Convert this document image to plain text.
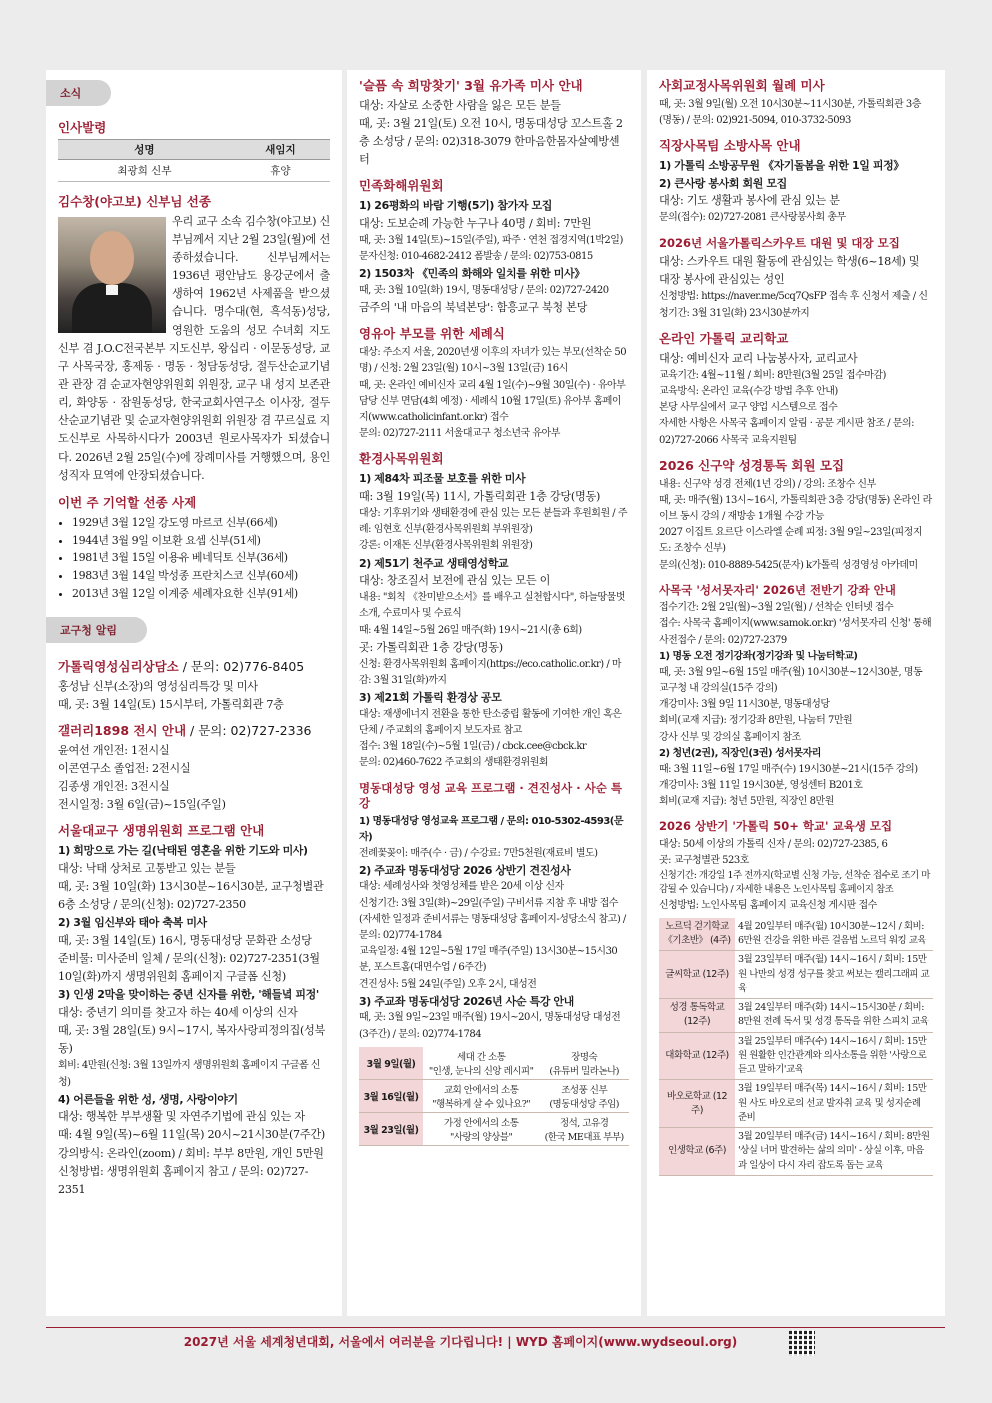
소식
인사발령
성명	새임지
최광희 신부	휴양
김수창(야고보) 신부님 선종

우리 교구 소속 김수창(야고보) 신부님께서 지난 2월 23일(월)에 선종하셨습니다. 신부님께서는 1936년 평안남도 용강군에서 출생하여 1962년 사제품을 받으셨습니다. 명수대(현, 흑석동)성당, 영원한 도움의 성모 수녀회 지도신부 겸 J.O.C전국본부 지도신부, 왕십리 · 이문동성당, 교구 사목국장, 홍제동 · 명동 · 청담동성당, 절두산순교기념관 관장 겸 순교자현양위원회 위원장, 교구 내 성지 보존관리, 화양동 · 잠원동성당, 한국교회사연구소 이사장, 절두산순교기념관 및 순교자현양위원회 위원장 겸 꾸르실료 지도신부로 사목하시다가 2003년 원로사목자가 되셨습니다. 2026년 2월 25일(수)에 장례미사를 거행했으며, 용인 성직자 묘역에 안장되셨습니다.

이번 주 기억할 선종 사제
• 1929년 3월 12일 강도영 마르코 신부(66세)
• 1944년 3월 9일 이보환 요셉 신부(51세)
• 1981년 3월 15일 이용유 베네딕토 신부(36세)
• 1983년 3월 14일 박성종 프란치스코 신부(60세)
• 2013년 3월 12일 이계중 세례자요한 신부(91세)
교구청 알림
가톨릭영성심리상담소 / 문의: 02)776-8405

홍성남 신부(소장)의 영성심리특강 및 미사

때, 곳: 3월 14일(토) 15시부터, 가톨릭회관 7층

갤러리1898 전시 안내 / 문의: 02)727-2336

윤여선 개인전: 1전시실

이콘연구소 졸업전: 2전시실

김종생 개인전: 3전시실

전시일정: 3월 6일(금)~15일(주일)

서울대교구 생명위원회 프로그램 안내

1) 희망으로 가는 길(낙태된 영혼을 위한 기도와 미사)

대상: 낙태 상처로 고통받고 있는 분들

때, 곳: 3월 10일(화) 13시30분~16시30분, 교구청별관 6층 소성당 / 문의(신청): 02)727-2350

2) 3월 임신부와 태아 축복 미사

때, 곳: 3월 14일(토) 16시, 명동대성당 문화관 소성당

준비물: 미사준비 일체 / 문의(신청): 02)727-2351(3월 10일(화)까지 생명위원회 홈페이지 구글폼 신청)

3) 인생 2막을 맞이하는 중년 신자를 위한, '해들녘 피정'

대상: 중년기 의미를 찾고자 하는 40세 이상의 신자

때, 곳: 3월 28일(토) 9시~17시, 복자사랑피정의집(성북동)

회비: 4만원(신청: 3월 13일까지 생명위원회 홈페이지 구글폼 신청)

4) 어른들을 위한 성, 생명, 사랑이야기

대상: 행복한 부부생활 및 자연주기법에 관심 있는 자

때: 4월 9일(목)~6월 11일(목) 20시~21시30분(7주간)

강의방식: 온라인(zoom) / 회비: 부부 8만원, 개인 5만원

신청방법: 생명위원회 홈페이지 참고 / 문의: 02)727-2351

'슬픔 속 희망찾기' 3월 유가족 미사 안내

대상: 자살로 소중한 사람을 잃은 모든 분들

때, 곳: 3월 21일(토) 오전 10시, 명동대성당 꼬스트홀 2층 소성당 / 문의: 02)318-3079 한마음한몸자살예방센터

민족화해위원회

1) 26평화의 바람 기행(5기) 참가자 모집

대상: 도보순례 가능한 누구나 40명 / 회비: 7만원

때, 곳: 3월 14일(토)~15일(주일), 파주 · 연천 접경지역(1박2일)

문자신청: 010-4682-2412 폼발송 / 문의: 02)753-0815

2) 1503차 《민족의 화해와 일치를 위한 미사》

때, 곳: 3월 10일(화) 19시, 명동대성당 / 문의: 02)727-2420

금주의 '내 마음의 북녘본당': 함흥교구 북청 본당

영유아 부모를 위한 세례식

대상: 주소지 서울, 2020년생 이후의 자녀가 있는 부모(선착순 50명) / 신청: 2월 23일(월) 10시~3월 13일(금) 16시

때, 곳: 온라인 예비신자 교리 4월 1일(수)~9월 30일(수) · 유아부 담당 신부 면담(4회 예정) · 세례식 10월 17일(토) 유아부 홈페이지(www.catholicinfant.or.kr) 접수

문의: 02)727-2111 서울대교구 청소년국 유아부

환경사목위원회

1) 제84차 피조물 보호를 위한 미사

때: 3월 19일(목) 11시, 가톨릭회관 1층 강당(명동)

대상: 기후위기와 생태환경에 관심 있는 모든 분들과 후원회원 / 주례: 임현호 신부(환경사목위원회 부위원장)

강론: 이재돈 신부(환경사목위원회 위원장)

2) 제51기 천주교 생태영성학교

대상: 창조질서 보전에 관심 있는 모든 이

내용: "회칙 《찬미받으소서》를 배우고 실천합시다", 하늘땅물벗 소개, 수료미사 및 수료식

때: 4월 14일~5월 26일 매주(화) 19시~21시(총 6회)

곳: 가톨릭회관 1층 강당(명동)

신청: 환경사목위원회 홈페이지(https://eco.catholic.or.kr) / 마감: 3월 31일(화)까지

3) 제21회 가톨릭 환경상 공모

대상: 재생에너지 전환을 통한 탄소중립 활동에 기여한 개인 혹은 단체 / 주교회의 홈페이지 보도자료 참고

접수: 3월 18일(수)~5월 1일(금) / cbck.cee@cbck.kr

문의: 02)460-7622 주교회의 생태환경위원회

명동대성당 영성 교육 프로그램 · 견진성사 · 사순 특강

1) 명동대성당 영성교육 프로그램 / 문의: 010-5302-4593(문자)

전례꽃꽂이: 매주(수 · 금) / 수강료: 7만5천원(재료비 별도)

2) 주교좌 명동대성당 2026 상반기 견진성사

대상: 세례성사와 첫영성체를 받은 20세 이상 신자

신청기간: 3월 3일(화)~29일(주일) 구비서류 지참 후 내방 접수(자세한 일정과 준비서류는 명동대성당 홈페이지-성당소식 참고) / 문의: 02)774-1784

교육일정: 4월 12일~5월 17일 매주(주일) 13시30분~15시30분, 포스트홈(대면수업 / 6주간)

견진성사: 5월 24일(주일) 오후 2시, 대성전

3) 주교좌 명동대성당 2026년 사순 특강 안내

때, 곳: 3월 9일~23일 매주(월) 19시~20시, 명동대성당 대성전(3주간) / 문의: 02)774-1784

3월 9일(월)	세대 간 소통
"인생, 눈나의 신앙 레시피"	장명숙
(유튜버 밀라논나)
3월 16일(월)	교회 안에서의 소통
"행복하게 살 수 있나요?"	조성풍 신부
(명동대성당 주임)
3월 23일(월)	가정 안에서의 소통
"사랑의 양상블"	정석, 고유경
(한국 ME대표 부부)
사회교정사목위원회 월례 미사

때, 곳: 3월 9일(월) 오전 10시30분~11시30분, 가톨릭회관 3층(명동) / 문의: 02)921-5094, 010-3732-5093

직장사목팀 소방사목 안내

1) 가톨릭 소방공무원 《자기돌봄을 위한 1일 피정》

2) 큰사랑 봉사회 회원 모집

대상: 기도 생활과 봉사에 관심 있는 분

문의(접수): 02)727-2081 큰사랑봉사회 총무

2026년 서울가톨릭스카우트 대원 및 대장 모집

대상: 스카우트 대원 활동에 관심있는 학생(6~18세) 및 대장 봉사에 관심있는 성인

신청방법: https://naver.me/5cq7QsFP 접속 후 신청서 제출 / 신청기간: 3월 31일(화) 23시30분까지

온라인 가톨릭 교리학교

대상: 예비신자 교리 나눔봉사자, 교리교사

교육기간: 4월~11월 / 회비: 8만원(3월 25일 접수마감)

교육방식: 온라인 교육(수강 방법 추후 안내)

본당 사무실에서 교구 양업 시스템으로 접수

자세한 사항은 사목국 홈페이지 알림 · 공문 게시판 참조 / 문의: 02)727-2066 사목국 교육지원팀

2026 신구약 성경통독 회원 모집

내용: 신구약 성경 전체(1년 강의) / 강의: 조창수 신부

때, 곳: 매주(월) 13시~16시, 가톨릭회관 3층 강당(명동) 온라인 라이브 동시 강의 / 재방송 1개월 수강 가능

2027 이집트 요르단 이스라엘 순례 피정: 3월 9일~23일(피정지도: 조창수 신부)

문의(신청): 010-8889-5425(문자) k가톨릭 성경영성 아카데미

사목국 '성서못자리' 2026년 전반기 강좌 안내

접수기간: 2월 2일(월)~3월 2일(월) / 선착순 인터넷 접수

접수: 사목국 홈페이지(www.samok.or.kr) '성서못자리 신청' 통해 사전접수 / 문의: 02)727-2379

1) 명동 오전 정기강좌(정기강좌 및 나눔터학교)

때, 곳: 3월 9일~6월 15일 매주(월) 10시30분~12시30분, 명동 교구청 내 강의실(15주 강의)

개강미사: 3월 9일 11시30분, 명동대성당

회비(교재 지급): 정기강좌 8만원, 나눔터 7만원

강사 신부 및 강의실 홈페이지 참조

2) 청년(2권), 직장인(3권) 성서못자리

때: 3월 11일~6월 17일 매주(수) 19시30분~21시(15주 강의)

개강미사: 3월 11일 19시30분, 영성센터 B201호

회비(교재 지급): 청년 5만원, 직장인 8만원

2026 상반기 '가톨릭 50+ 학교' 교육생 모집

대상: 50세 이상의 가톨릭 신자 / 문의: 02)727-2385, 6

곳: 교구청별관 523호

신청기간: 개강일 1주 전까지(학교별 신청 가능, 선착순 접수로 조기 마감될 수 있습니다) / 자세한 내용은 노인사목팀 홈페이지 참조

신청방법: 노인사목팀 홈페이지 교육신청 게시판 접수

노르딕 걷기학교 《기초반》 (4주)	4월 20일부터 매주(월) 10시30분~12시 / 회비: 6만원 건강을 위한 바른 걸음법 노르딕 워킹 교육
글씨학교 (12주)	3월 23일부터 매주(월) 14시~16시 / 회비: 15만원 나만의 성경 성구를 찾고 써보는 캘리그래피 교육
성경 통독학교 (12주)	3월 24일부터 매주(화) 14시~15시30분 / 회비: 8만원 전례 독서 및 성경 통독을 위한 스피치 교육
대화학교 (12주)	3월 25일부터 매주(수) 14시~16시 / 회비: 15만원 원활한 인간관계와 의사소통을 위한 '사랑으로 듣고 말하기'교육
바오로학교 (12주)	3월 19일부터 매주(목) 14시~16시 / 회비: 15만원 사도 바오로의 선교 발자취 교육 및 성지순례 준비
인생학교 (6주)	3월 20일부터 매주(금) 14시~16시 / 회비: 8만원 '상실 너머 발견하는 삶의 의미' - 상실 이후, 마음과 일상이 다시 자리 잡도록 돕는 교육
2027년 서울 세계청년대회, 서울에서 여러분을 기다립니다! | WYD 홈페이지(www.wydseoul.org)
